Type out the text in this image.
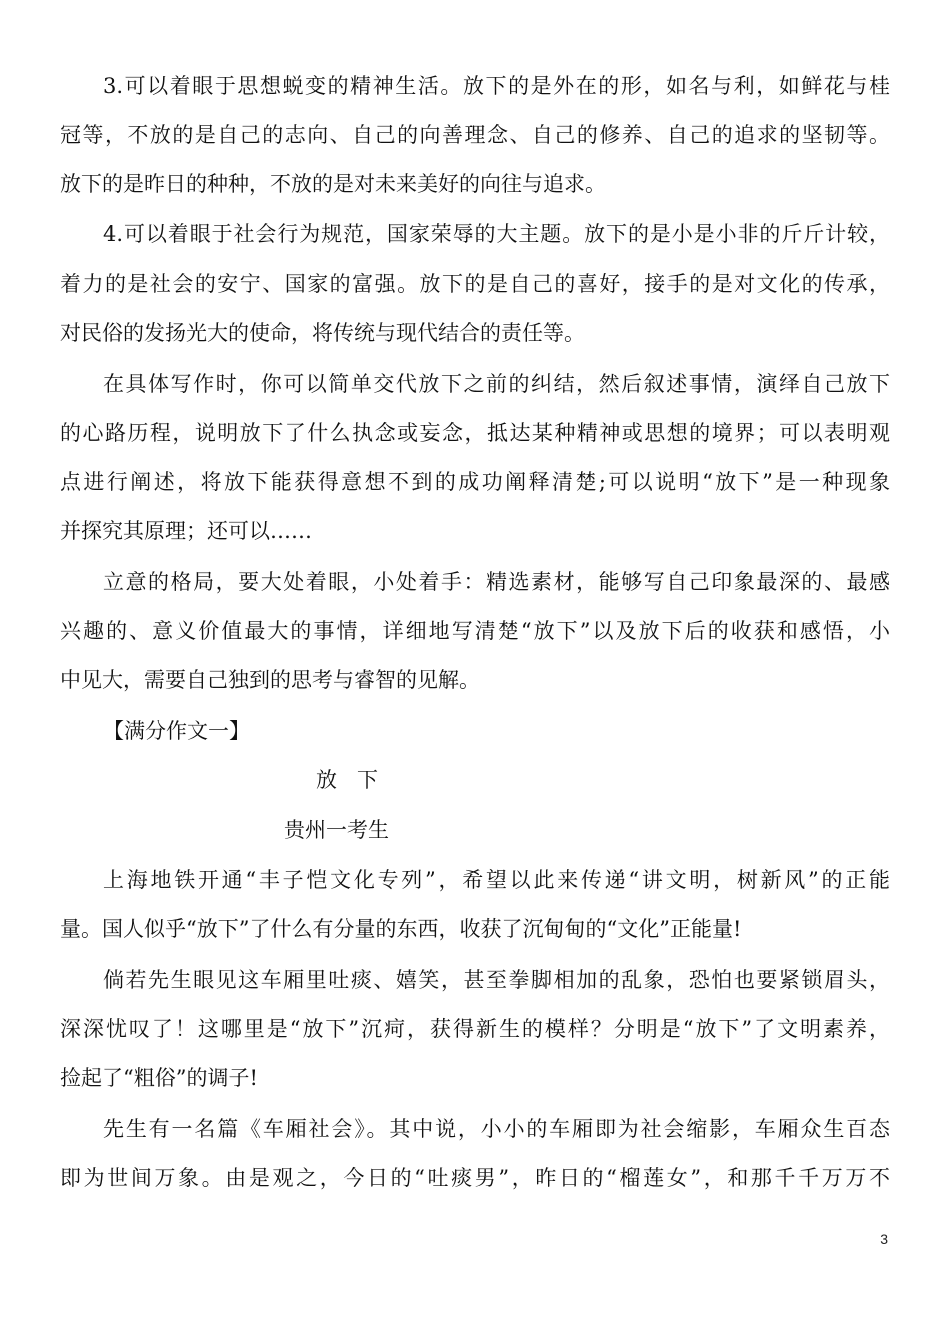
3.可以着眼于思想蜕变的精神生活。放下的是外在的形，如名与利，如鲜花与桂
冠等，不放的是自己的志向、自己的向善理念、自己的修养、自己的追求的坚韧等。
放下的是昨日的种种，不放的是对未来美好的向往与追求。
4.可以着眼于社会行为规范，国家荣辱的大主题。放下的是小是小非的斤斤计较，
着力的是社会的安宁、国家的富强。放下的是自己的喜好，接手的是对文化的传承，
对民俗的发扬光大的使命，将传统与现代结合的责任等。
在具体写作时，你可以简单交代放下之前的纠结，然后叙述事情，演绎自己放下
的心路历程，说明放下了什么执念或妄念，抵达某种精神或思想的境界；可以表明观
点进行阐述，将放下能获得意想不到的成功阐释清楚;可以说明“放下”是一种现象
并探究其原理；还可以……
立意的格局，要大处着眼，小处着手：精选素材，能够写自己印象最深的、最感
兴趣的、意义价值最大的事情，详细地写清楚“放下”以及放下后的收获和感悟，小
中见大，需要自己独到的思考与睿智的见解。
【满分作文一】
放下
贵州一考生
上海地铁开通“丰子恺文化专列”，希望以此来传递“讲文明，树新风”的正能
量。国人似乎“放下”了什么有分量的东西，收获了沉甸甸的“文化”正能量!
倘若先生眼见这车厢里吐痰、嬉笑，甚至拳脚相加的乱象，恐怕也要紧锁眉头，
深深忧叹了！这哪里是“放下”沉疴，获得新生的模样？分明是“放下”了文明素养，
捡起了“粗俗”的调子!
先生有一名篇《车厢社会》。其中说，小小的车厢即为社会缩影，车厢众生百态
即为世间万象。由是观之，今日的“吐痰男”，昨日的“榴莲女”，和那千千万万不
3
